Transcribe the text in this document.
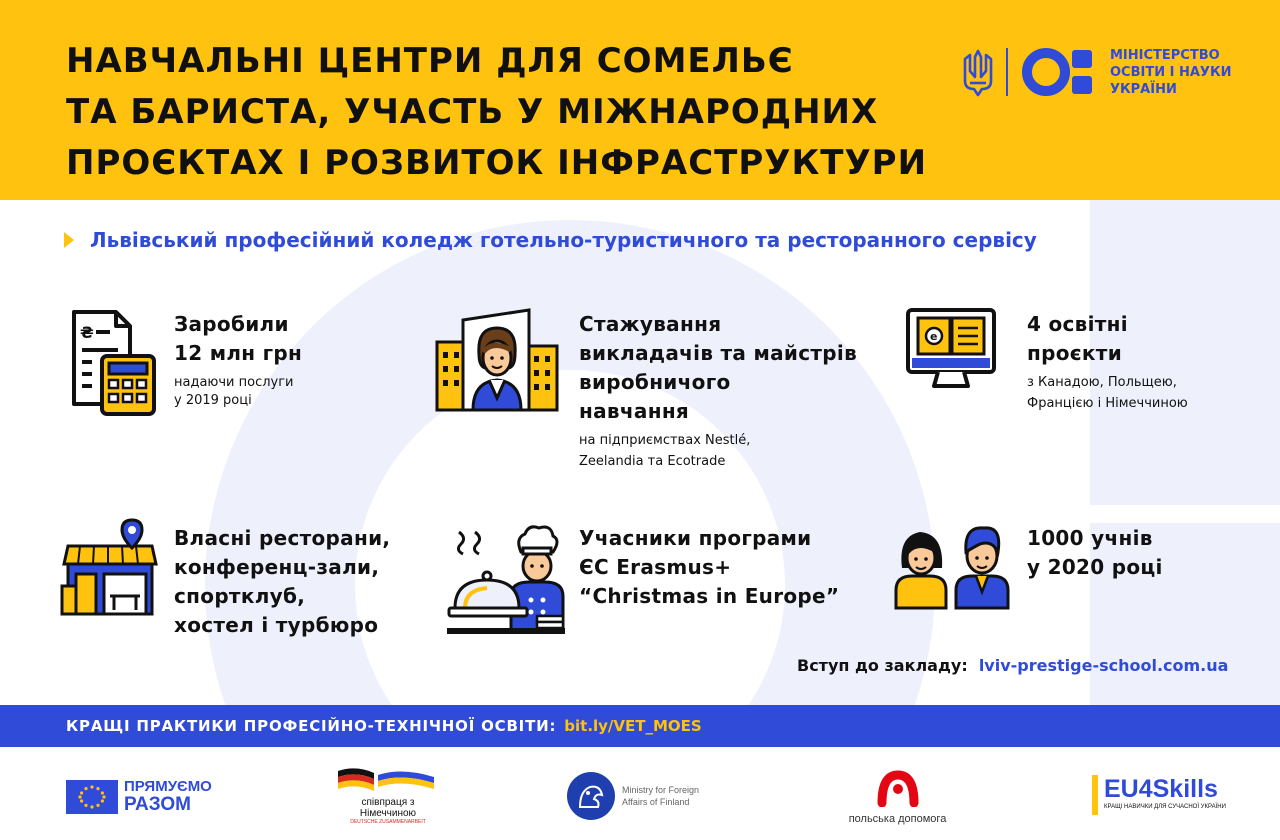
НАВЧАЛЬНІ ЦЕНТРИ ДЛЯ СОМЕЛЬЄ
ТА БАРИСТА, УЧАСТЬ У МІЖНАРОДНИХ
ПРОЄКТАХ І РОЗВИТОК ІНФРАСТРУКТУРИ
МІНІСТЕРСТВО
ОСВІТИ І НАУКИ
УКРАЇНИ
Львівський професійний коледж готельно-туристичного та ресторанного сервісу
₴	Заробили
12 млн грн
надаючи послуги
у 2019 році
Стажування
викладачів та майстрів
виробничого
навчання
на підприємствах Nestlé,
Zeelandia та Ecotrade
e
4 освітні
проєкти
з Канадою, Польщею,
Францією і Німеччиною
Власні ресторани,
конференц-зали,
спортклуб,
хостел і турбюро
Учасники програми
ЄС Erasmus+
“Christmas in Europe”
1000 учнів
у 2020 році
Вступ до закладу: lviv-prestige-school.com.ua
КРАЩІ ПРАКТИКИ ПРОФЕСІЙНО-ТЕХНІЧНОЇ ОСВІТИ: bit.ly/VET_MOES
ПРЯМУЄМО
РАЗОМ	співпраця з
Німеччиною
DEUTSCHE ZUSAMMENARBEIT
Ministry for Foreign
Affairs of Finland
польська допомога
EU4Skills
КРАЩІ НАВИЧКИ ДЛЯ СУЧАСНОЇ УКРАЇНИ
